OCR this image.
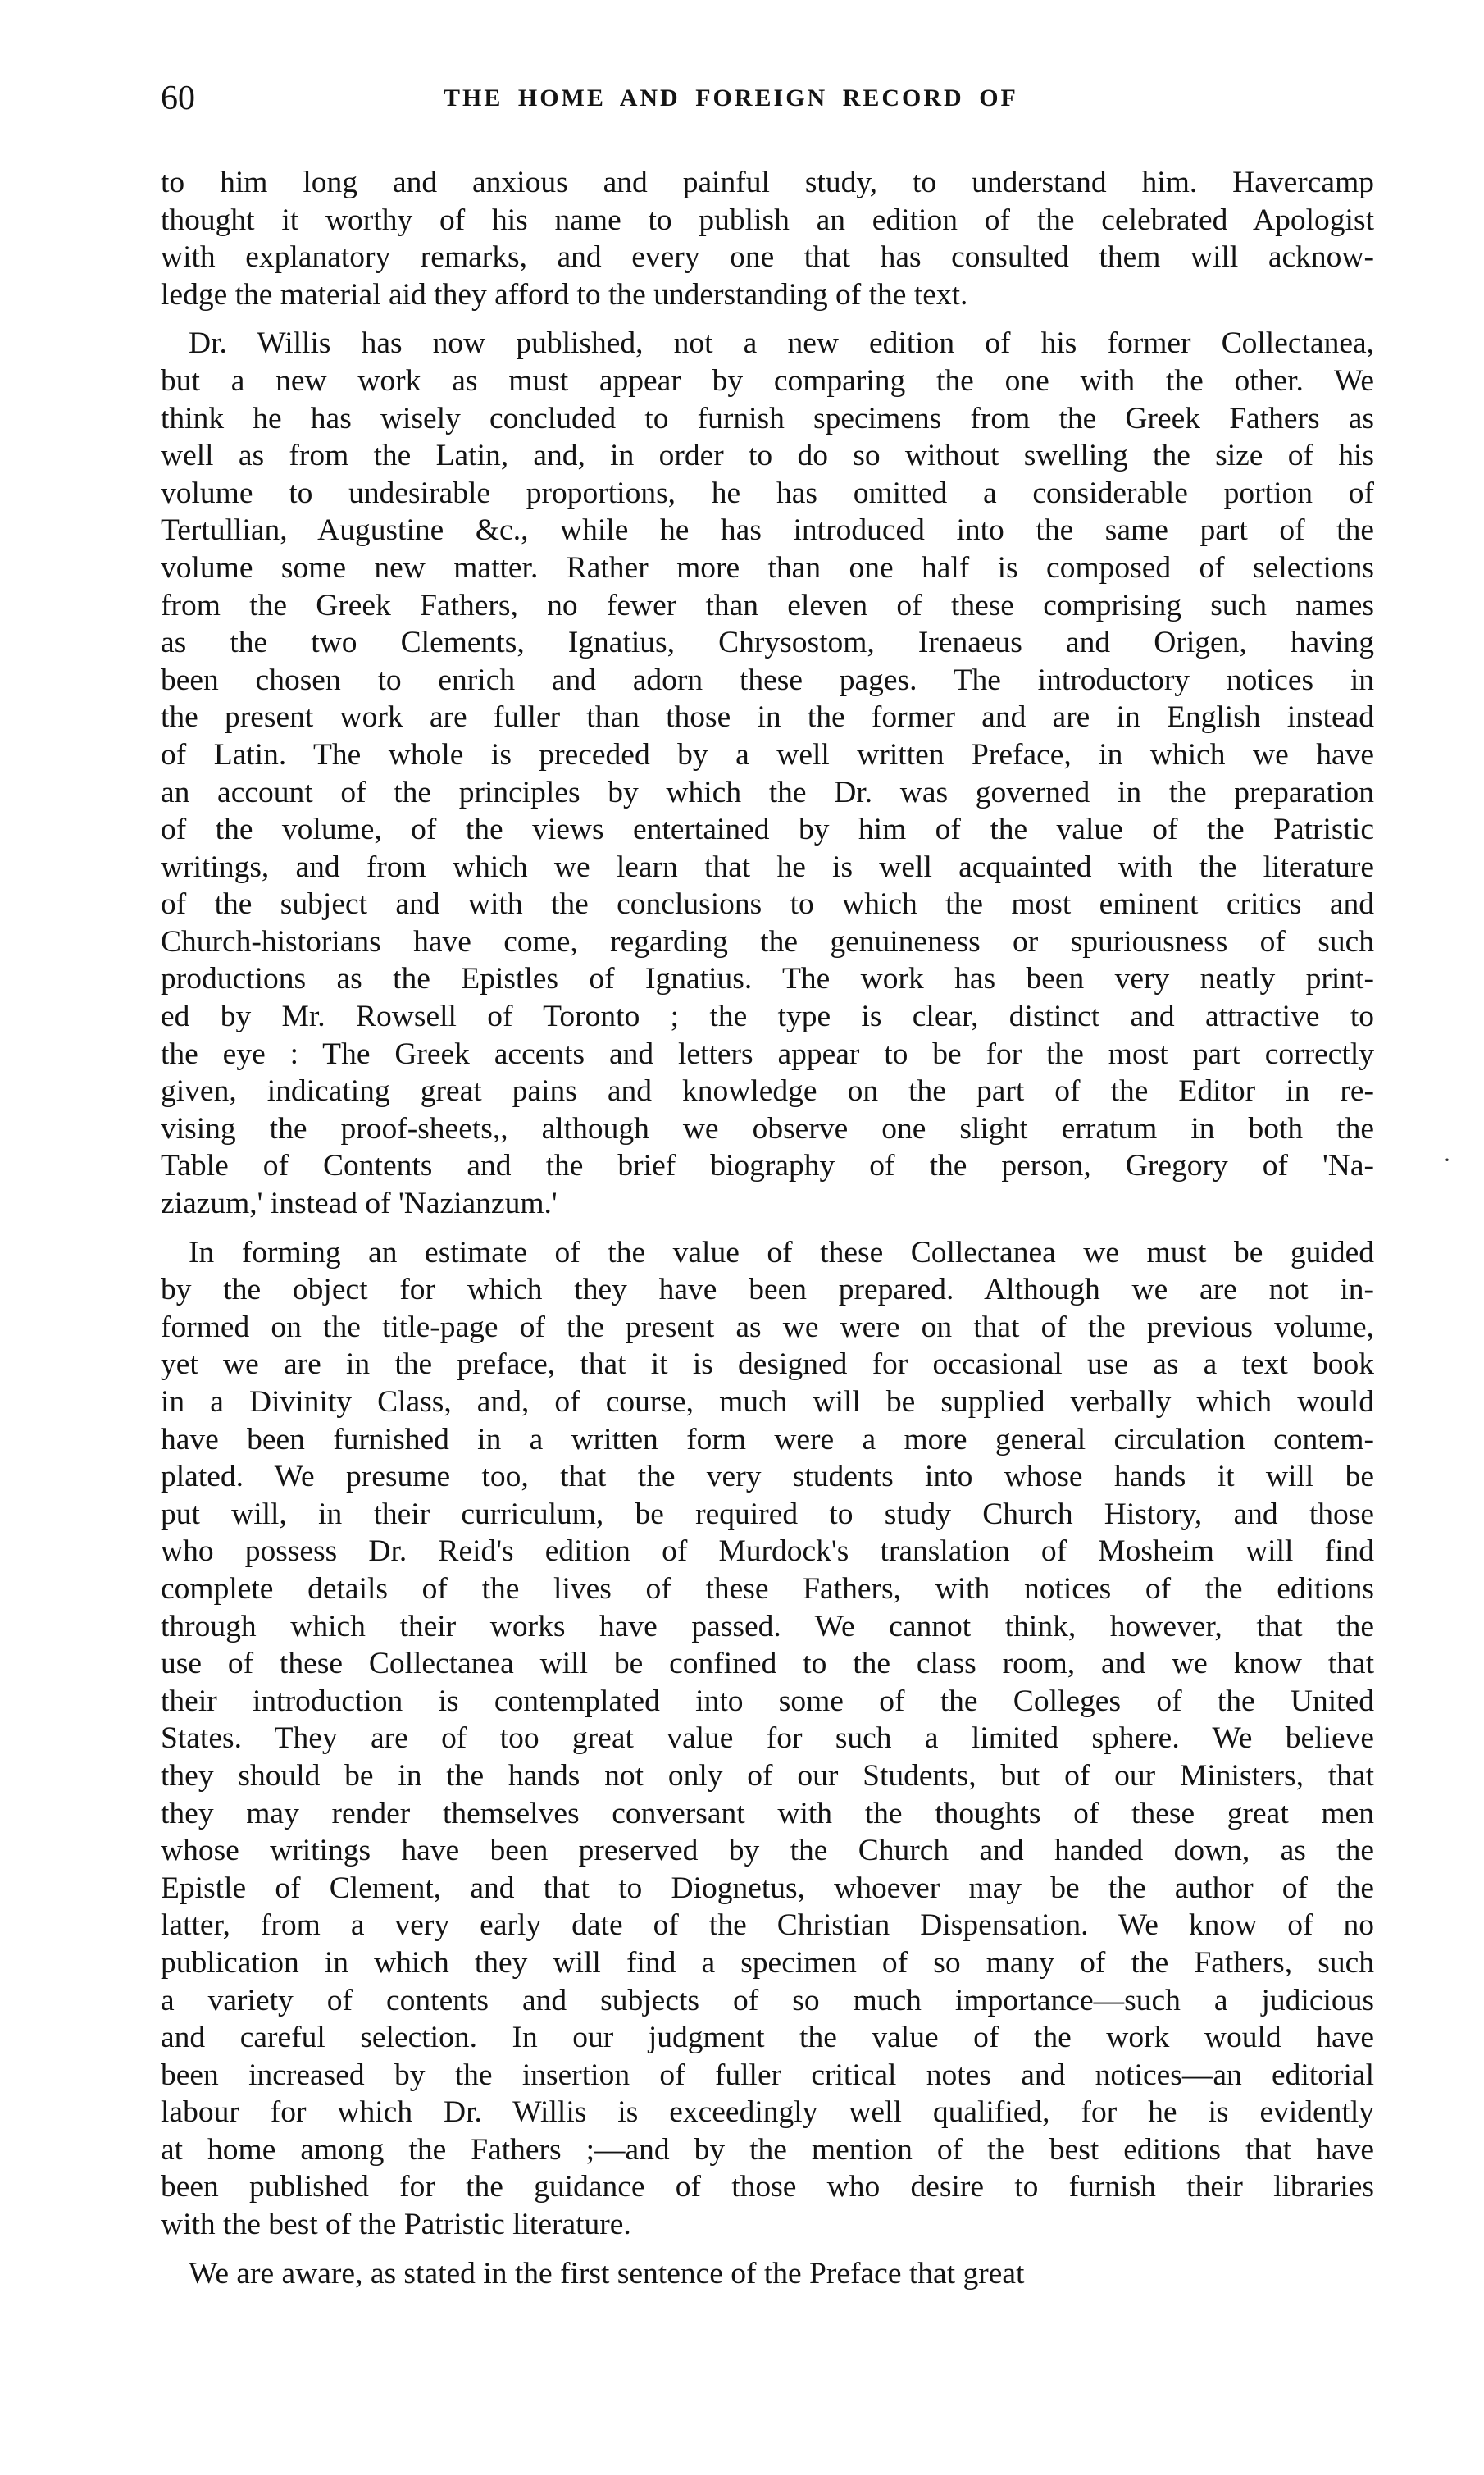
60	THE HOME AND FOREIGN RECORD OF
to him long and anxious and painful study, to understand him. Havercamp
thought it worthy of his name to publish an edition of the celebrated Apologist
with explanatory remarks, and every one that has consulted them will acknow-
ledge the material aid they afford to the understanding of the text.
Dr. Willis has now published, not a new edition of his former Collectanea,
but a new work as must appear by comparing the one with the other. We
think he has wisely concluded to furnish specimens from the Greek Fathers as
well as from the Latin, and, in order to do so without swelling the size of his
volume to undesirable proportions, he has omitted a considerable portion of
Tertullian, Augustine &c., while he has introduced into the same part of the
volume some new matter. Rather more than one half is composed of selections
from the Greek Fathers, no fewer than eleven of these comprising such names
as the two Clements, Ignatius, Chrysostom, Irenaeus and Origen, having
been chosen to enrich and adorn these pages. The introductory notices in
the present work are fuller than those in the former and are in English instead
of Latin. The whole is preceded by a well written Preface, in which we have
an account of the principles by which the Dr. was governed in the preparation
of the volume, of the views entertained by him of the value of the Patristic
writings, and from which we learn that he is well acquainted with the literature
of the subject and with the conclusions to which the most eminent critics and
Church-historians have come, regarding the genuineness or spuriousness of such
productions as the Epistles of Ignatius. The work has been very neatly print-
ed by Mr. Rowsell of Toronto ; the type is clear, distinct and attractive to
the eye : The Greek accents and letters appear to be for the most part correctly
given, indicating great pains and knowledge on the part of the Editor in re-
vising the proof-sheets,, although we observe one slight erratum in both the
Table of Contents and the brief biography of the person, Gregory of 'Na-
ziazum,' instead of 'Nazianzum.'
In forming an estimate of the value of these Collectanea we must be guided
by the object for which they have been prepared. Although we are not in-
formed on the title-page of the present as we were on that of the previous volume,
yet we are in the preface, that it is designed for occasional use as a text book
in a Divinity Class, and, of course, much will be supplied verbally which would
have been furnished in a written form were a more general circulation contem-
plated. We presume too, that the very students into whose hands it will be
put will, in their curriculum, be required to study Church History, and those
who possess Dr. Reid's edition of Murdock's translation of Mosheim will find
complete details of the lives of these Fathers, with notices of the editions
through which their works have passed. We cannot think, however, that the
use of these Collectanea will be confined to the class room, and we know that
their introduction is contemplated into some of the Colleges of the United
States. They are of too great value for such a limited sphere. We believe
they should be in the hands not only of our Students, but of our Ministers, that
they may render themselves conversant with the thoughts of these great men
whose writings have been preserved by the Church and handed down, as the
Epistle of Clement, and that to Diognetus, whoever may be the author of the
latter, from a very early date of the Christian Dispensation. We know of no
publication in which they will find a specimen of so many of the Fathers, such
a variety of contents and subjects of so much importance—such a judicious
and careful selection. In our judgment the value of the work would have
been increased by the insertion of fuller critical notes and notices—an editorial
labour for which Dr. Willis is exceedingly well qualified, for he is evidently
at home among the Fathers ;—and by the mention of the best editions that have
been published for the guidance of those who desire to furnish their libraries
with the best of the Patristic literature.
We are aware, as stated in the first sentence of the Preface that great
·
